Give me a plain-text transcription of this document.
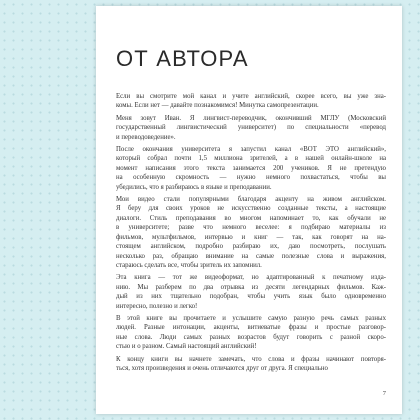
ОТ АВТОРА

Если вы смотрите мой канал и учите английский, скорее всего, вы уже зна-
комы. Если нет — давайте познакомимся! Минутка самопрезентации.

Меня зовут Иван. Я лингвист-переводчик, окончивший МГЛУ (Московский
государственный лингвистический университет) по специальности «перевод
и переводоведение».

После окончания университета я запустил канал «ВОТ ЭТО английский»,
который собрал почти 1,5 миллиона зрителей, а в нашей онлайн-школе на
момент написания этого текста занимается 200 учеников. Я не претендую
на особенную скромность — нужно немного похвастаться, чтобы вы
убедились, что я разбираюсь в языке и преподавании.

Мои видео стали популярными благодаря акценту на живом английском.
Я беру для своих уроков не искусственно созданные тексты, а настоящие
диалоги. Стиль преподавания во многом напоминает то, как обучали не
в университете; разве что немного веселее: я подбираю материалы из
фильмов, мультфильмов, интервью и книг — так, как говорят на на-
стоящем английском, подробно разбираю их, даю посмотреть, послушать
несколько раз, обращаю внимание на самые полезные слова и выражения,
стараюсь сделать все, чтобы зритель их запомнил.

Эта книга — тот же видеоформат, но адаптированный к печатному изда-
нию. Мы разберем по два отрывка из десяти легендарных фильмов. Каж-
дый из них тщательно подобран, чтобы учить язык было одновременно
интересно, полезно и легко!

В этой книге вы прочитаете и услышите самую разную речь самых разных
людей. Разные интонации, акценты, витиеватые фразы и простые разговор-
ные слова. Люди самых разных возрастов будут говорить с разной скоро-
стью и о разном. Самый настоящий английский!

К концу книги вы начнете замечать, что слова и фразы начинают повторя-
ться, хотя произведения и очень отличаются друг от друга. Я специально

7
